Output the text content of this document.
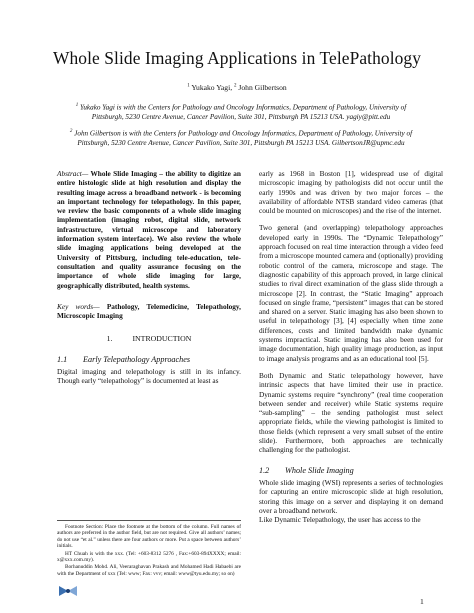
Whole Slide Imaging Applications in TelePathology
$^1$ Yukako Yagi, $^2$ John Gilbertson
$^1$ Yukako Yagi is with the Centers for Pathology and Oncology Informatics, Department of Pathology, University of
Pittsburgh, 5230 Centre Avenue, Cancer Pavilion, Suite 301, Pittsburgh PA 15213 USA. yagiy@pitt.edu
$^2$ John Gilbertson is with the Centers for Pathology and Oncology Informatics, Department of Pathology, University of
Pittsburgh, 5230 Centre Avenue, Cancer Pavilion, Suite 301, Pittsburgh PA 15213 USA. GilbertsonJR@upmc.edu
Abstract— Whole Slide Imaging – the ability to digitize an entire histologic slide at high resolution and display the resulting image across a broadband network - is becoming an important technology for telepathology. In this paper, we review the basic components of a whole slide imaging implementation (imaging robot, digital slide, network infrastructure, virtual microscope and laboratory information system interface). We also review the whole slide imaging applications being developed at the University of Pittsburg, including tele-education, tele-consultation and quality assurance focusing on the importance of whole slide imaging for large, geographically distributed, health systems.
Key words— Pathology, Telemedicine, Telepathology, Microscopic Imaging
1.	INTRODUCTION
1.1 Early Telepathology Approaches

Digital imaging and telepathology is still in its infancy. Though early “telepathology” is documented at least as

Footnote Section: Place the footnote at the bottom of the column. Full names of authors are preferred in the author field, but are not required. Give all authors’ names; do not use “et al.” unless there are four authors or more. Put a space between authors’ initials.

HT Chuah is with the xxx. (Tel: +603-8312 5276 , Fax:+603-894XXXX; email: x@xxx.com.my).

Borhanuddin Mohd. Ali, Veeraraghavan Prakash and Mohamed Hadi Habaebi are with the Department of xxx (Tel: www; Fax: vvv; email: www@tyu.edu.my; so on)

early as 1968 in Boston [1], widespread use of digital microscopic imaging by pathologists did not occur until the early 1990s and was driven by two major forces – the availability of affordable NTSB standard video cameras (that could be mounted on microscopes) and the rise of the internet.

Two general (and overlapping) telepathology approaches developed early in 1990s. The “Dynamic Telepathology” approach focused on real time interaction through a video feed from a microscope mounted camera and (optionally) providing robotic control of the camera, microscope and stage. The diagnostic capability of this approach proved, in large clinical studies to rival direct examination of the glass slide through a microscope [2]. In contrast, the “Static Imaging” approach focused on single frame, “persistent” images that can be stored and shared on a server. Static imaging has also been shown to useful in telepathology [3], [4] especially when time zone differences, costs and limited bandwidth make dynamic systems impractical. Static imaging has also been used for image documentation, high quality image production, as input to image analysis programs and as an educational tool [5].

Both Dynamic and Static telepathology however, have intrinsic aspects that have limited their use in practice. Dynamic systems require “synchrony” (real time cooperation between sender and receiver) while Static systems require “sub-sampling” – the sending pathologist must select appropriate fields, while the viewing pathologist is limited to those fields (which represent a very small subset of the entire slide). Furthermore, both approaches are technically challenging for the pathologist.

1.2 Whole Slide Imaging

Whole slide imaging (WSI) represents a series of technologies for capturing an entire microscopic slide at high resolution, storing this image on a server and displaying it on demand over a broadband network.

Like Dynamic Telepathology, the user has access to the

1
